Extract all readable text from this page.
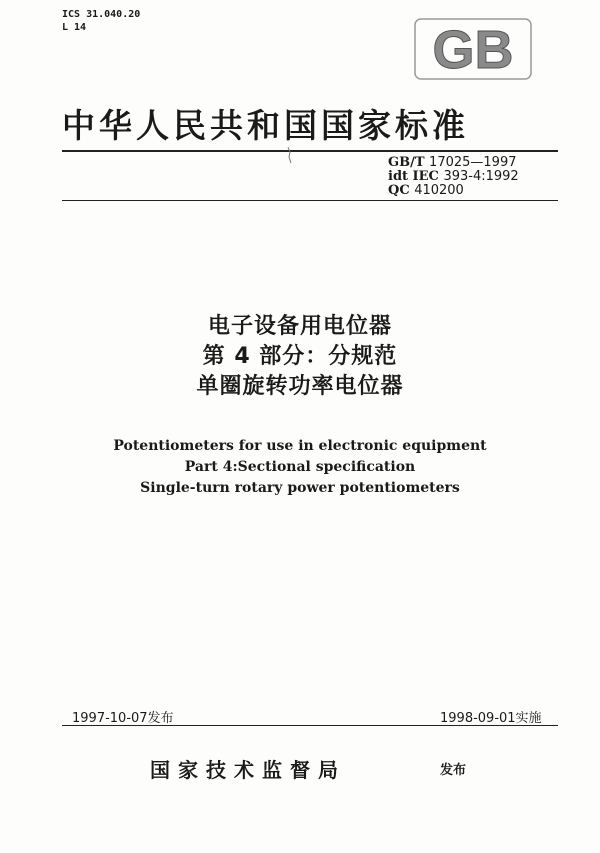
ICS 31.040.20
L 14	GB
中华人民共和国国家标准
GB/T 17025—1997
idt IEC 393-4:1992
QC 410200
电子设备用电位器
第 4 部分：分规范
单圈旋转功率电位器
Potentiometers for use in electronic equipment
Part 4:Sectional specification
Single-turn rotary power potentiometers
1997-10-07发布	1998-09-01实施
国家技术监督局	发布
